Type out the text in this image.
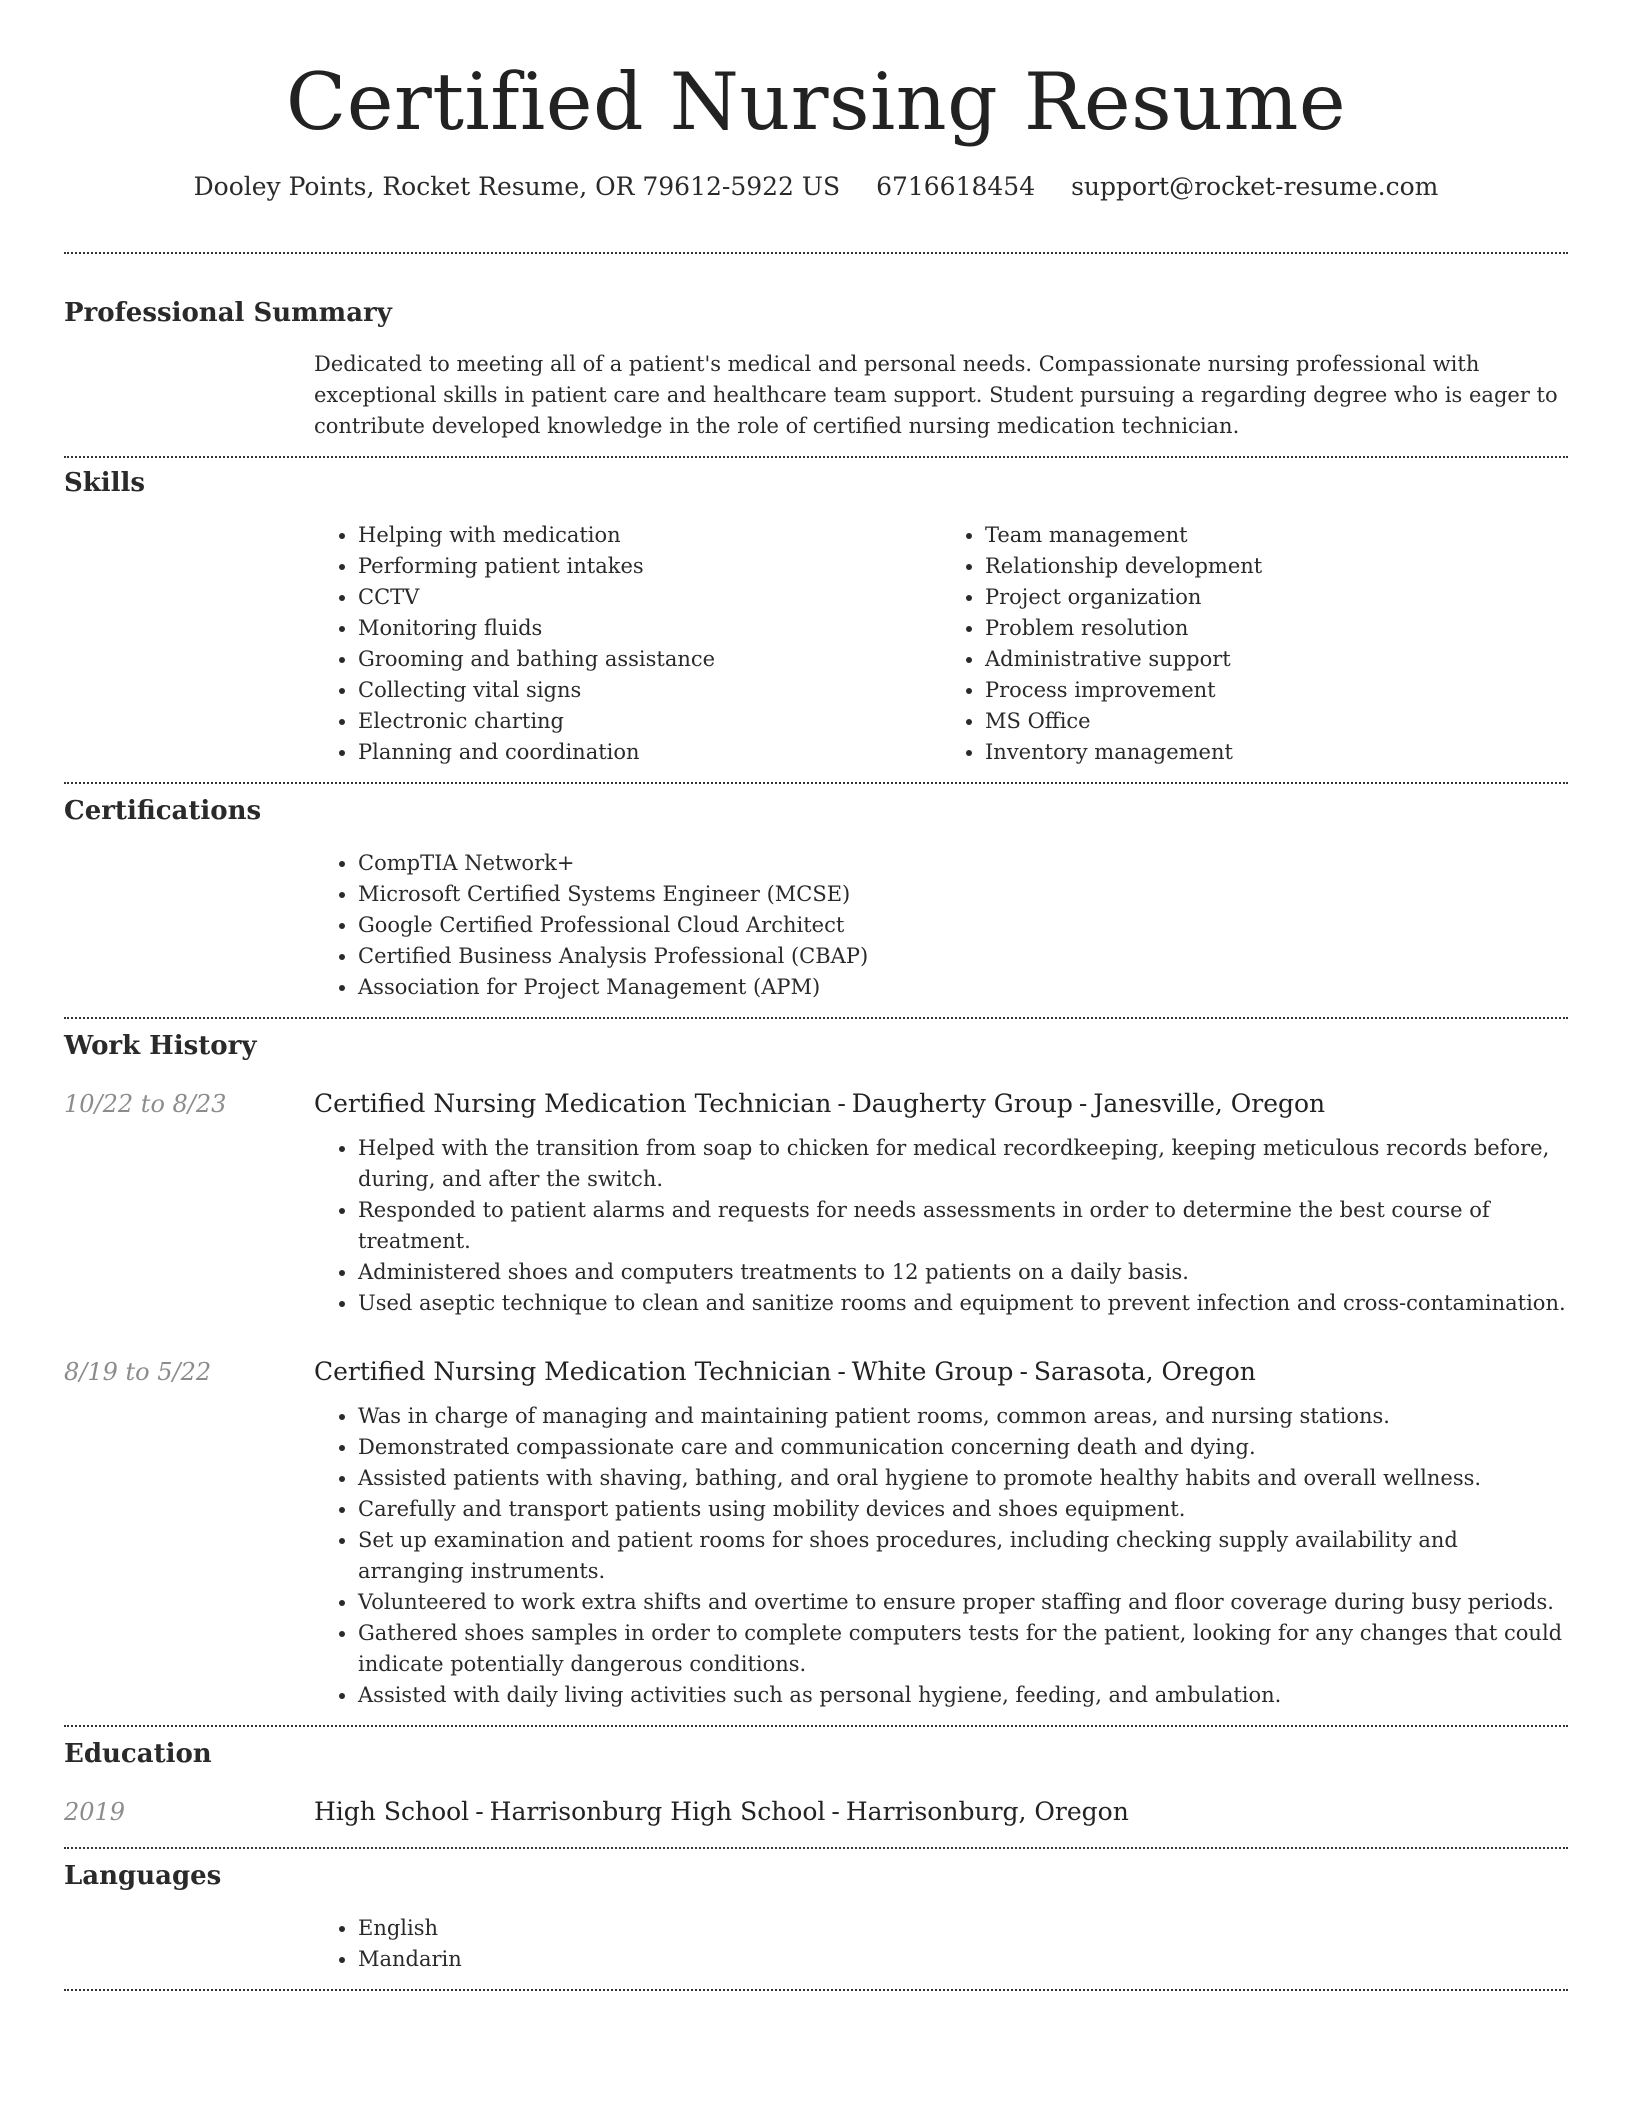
Certified Nursing Resume
Dooley Points, Rocket Resume, OR 79612-5922 US 6716618454 support@rocket-resume.com
Professional Summary
Dedicated to meeting all of a patient's medical and personal needs. Compassionate nursing professional with exceptional skills in patient care and healthcare team support. Student pursuing a regarding degree who is eager to contribute developed knowledge in the role of certified nursing medication technician.
Skills
• Helping with medication
• Performing patient intakes
• CCTV
• Monitoring fluids
• Grooming and bathing assistance
• Collecting vital signs
• Electronic charting
• Planning and coordination
• Team management
• Relationship development
• Project organization
• Problem resolution
• Administrative support
• Process improvement
• MS Office
• Inventory management
Certifications
• CompTIA Network+
• Microsoft Certified Systems Engineer (MCSE)
• Google Certified Professional Cloud Architect
• Certified Business Analysis Professional (CBAP)
• Association for Project Management (APM)
Work History
10/22 to 8/23	Certified Nursing Medication Technician - Daugherty Group - Janesville, Oregon
• Helped with the transition from soap to chicken for medical recordkeeping, keeping meticulous records before, during, and after the switch.
• Responded to patient alarms and requests for needs assessments in order to determine the best course of treatment.
• Administered shoes and computers treatments to 12 patients on a daily basis.
• Used aseptic technique to clean and sanitize rooms and equipment to prevent infection and cross-contamination.
8/19 to 5/22	Certified Nursing Medication Technician - White Group - Sarasota, Oregon
• Was in charge of managing and maintaining patient rooms, common areas, and nursing stations.
• Demonstrated compassionate care and communication concerning death and dying.
• Assisted patients with shaving, bathing, and oral hygiene to promote healthy habits and overall wellness.
• Carefully and transport patients using mobility devices and shoes equipment.
• Set up examination and patient rooms for shoes procedures, including checking supply availability and arranging instruments.
• Volunteered to work extra shifts and overtime to ensure proper staffing and floor coverage during busy periods.
• Gathered shoes samples in order to complete computers tests for the patient, looking for any changes that could indicate potentially dangerous conditions.
• Assisted with daily living activities such as personal hygiene, feeding, and ambulation.
Education
2019	High School - Harrisonburg High School - Harrisonburg, Oregon
Languages
• English
• Mandarin
